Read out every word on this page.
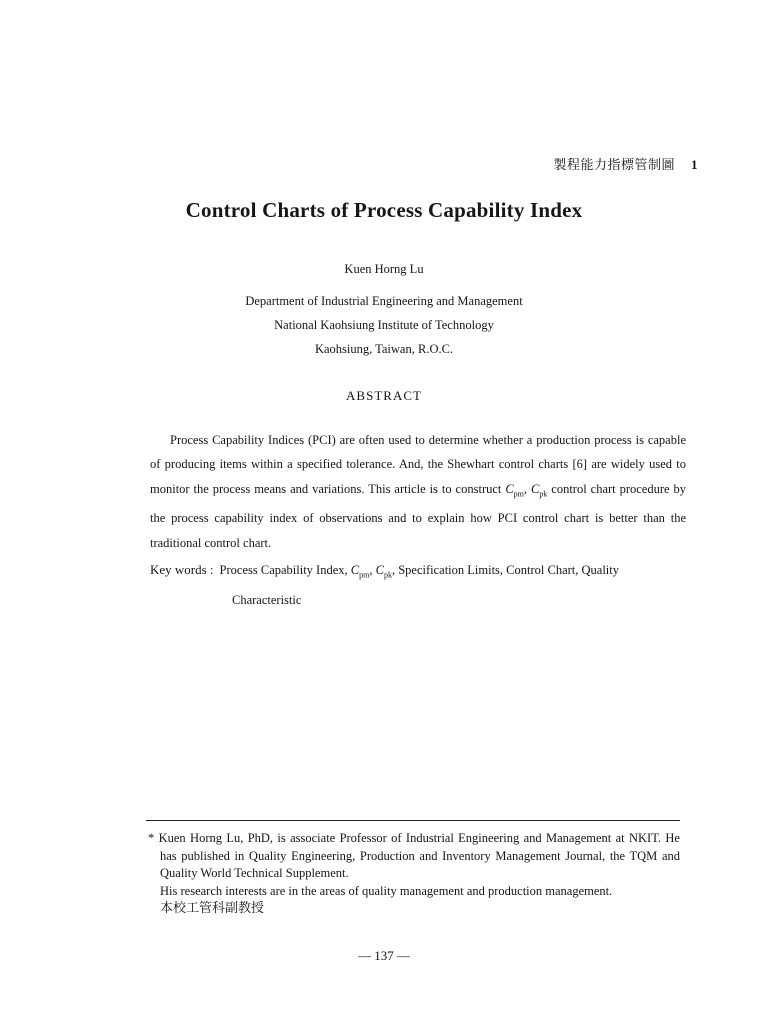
製程能力指標管制圖 1
Control Charts of Process Capability Index
Kuen Horng Lu
Department of Industrial Engineering and Management
National Kaohsiung Institute of Technology
Kaohsiung, Taiwan, R.O.C.
ABSTRACT
Process Capability Indices (PCI) are often used to determine whether a production process is capable of producing items within a specified tolerance. And, the Shewhart control charts [6] are widely used to monitor the process means and variations. This article is to construct $C_{pm}$, $C_{pk}$ control chart procedure by the process capability index of observations and to explain how PCI control chart is better than the traditional control chart.
Key words : Process Capability Index, $C_{pm}$, $C_{pk}$, Specification Limits, Control Chart, Quality
Characteristic

* Kuen Horng Lu, PhD, is associate Professor of Industrial Engineering and Management at NKIT. He has published in Quality Engineering, Production and Inventory Management Journal, the TQM and Quality World Technical Supplement.

His research interests are in the areas of quality management and production management.

本校工管科副教授

— 137 —
